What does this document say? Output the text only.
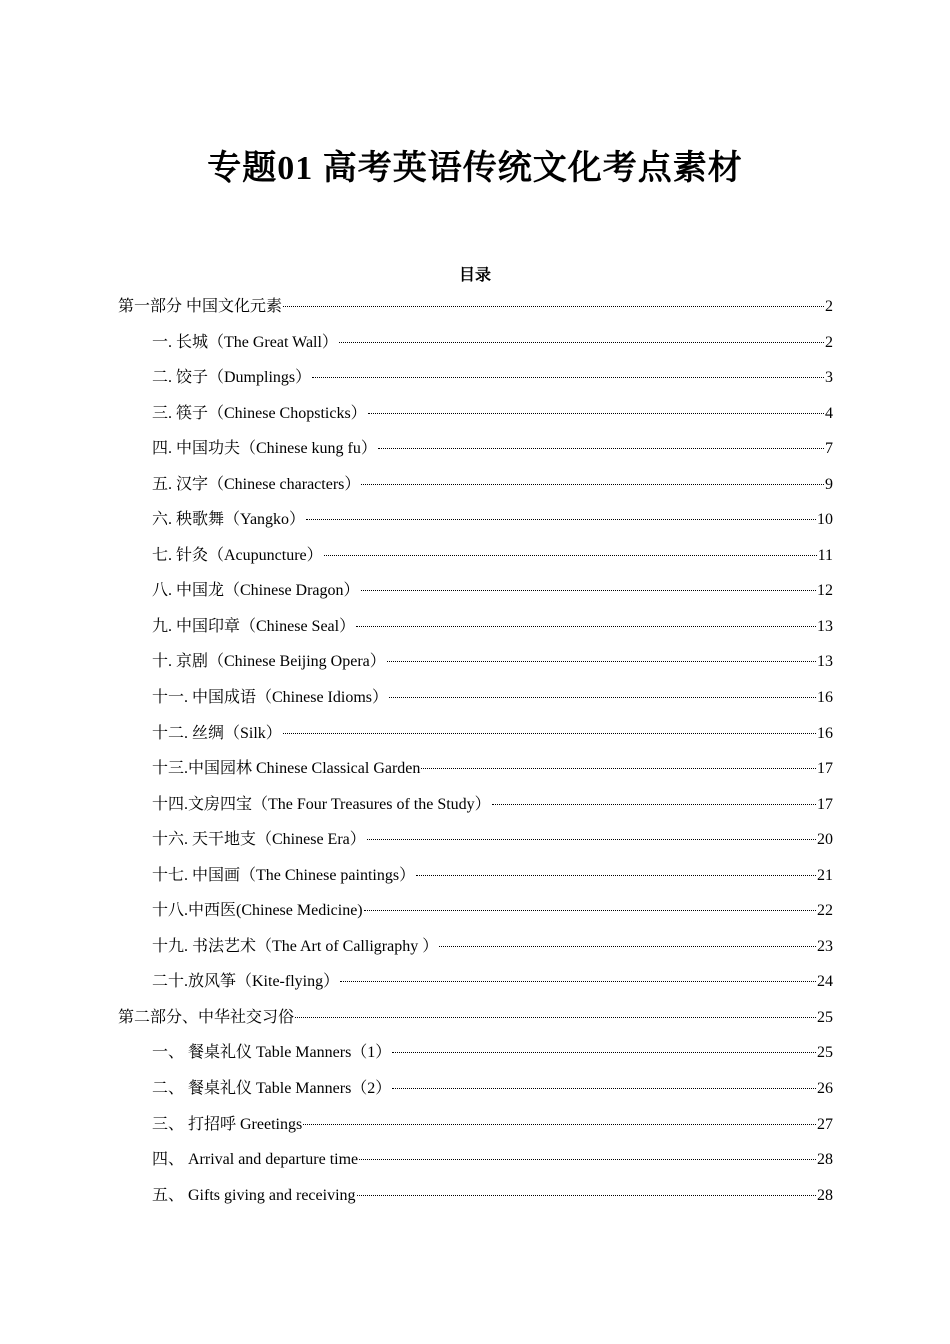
专题01 高考英语传统文化考点素材
目录
第一部分 中国文化元素	2
一. 长城（The Great Wall）	2
二. 饺子（Dumplings）	3
三. 筷子（Chinese Chopsticks）	4
四. 中国功夫（Chinese kung fu）	7
五. 汉字（Chinese characters）	9
六. 秧歌舞（Yangko）	10
七. 针灸（Acupuncture）	11
八. 中国龙（Chinese Dragon）	12
九. 中国印章（Chinese Seal）	13
十. 京剧（Chinese Beijing Opera）	13
十一. 中国成语（Chinese Idioms）	16
十二. 丝绸（Silk）	16
十三.中国园林 Chinese Classical Garden	17
十四.文房四宝（The Four Treasures of the Study）	17
十六. 天干地支（Chinese Era）	20
十七. 中国画（The Chinese paintings）	21
十八.中西医(Chinese Medicine)	22
十九. 书法艺术（The Art of Calligraphy ）	23
二十.放风筝（Kite-flying）	24
第二部分、中华社交习俗	25
一、 餐桌礼仪 Table Manners（1）	25
二、 餐桌礼仪 Table Manners（2）	26
三、 打招呼 Greetings	27
四、 Arrival and departure time	28
五、 Gifts giving and receiving	28
